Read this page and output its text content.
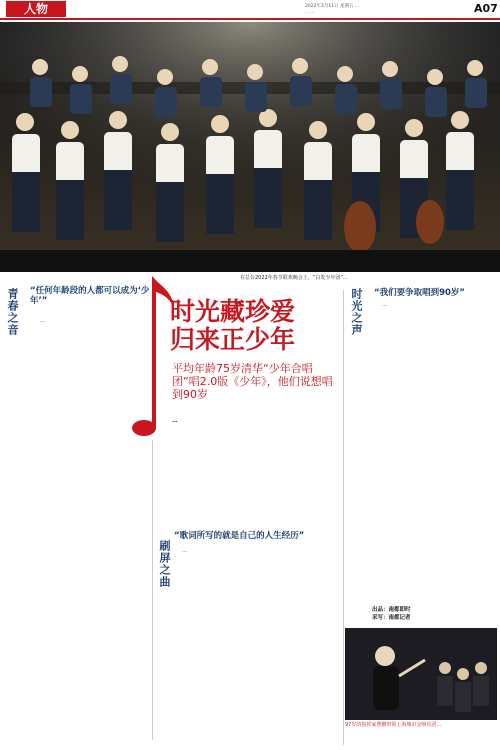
人物	2022年2月11日 星期五 …
… …	A07
在总台2022年春节联欢晚会上，“白发少年团”…
时光藏珍爱
归来正少年
平均年龄75岁清华“少年合唱团”唱2.0版《少年》，他们说想唱到90岁
…
青春之音 “任何年龄段的人都可以成为‘少年’”

…

刷屏之曲
“歌词所写的就是自己的人生经历”

…

时光之声 “我们要争取唱到90岁”

…

出品：南都即时
采写：南都记者
97岁的指挥家曹鹏带领上海城市交响乐团…
